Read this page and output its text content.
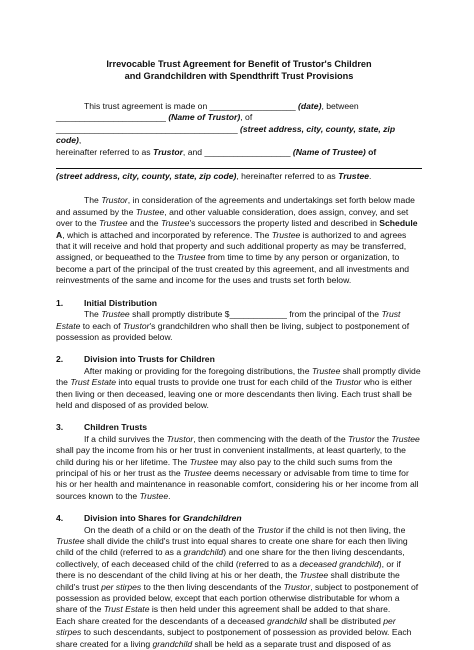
Irrevocable Trust Agreement for Benefit of Trustor's Children
and Grandchildren with Spendthrift Trust Provisions

This trust agreement is made on __________________ (date), between

_______________________ (Name of Trustor), of

______________________________________ (street address, city, county, state, zip code),

hereinafter referred to as Trustor, and __________________ (Name of Trustee) of

(street address, city, county, state, zip code), hereinafter referred to as Trustee.

The Trustor, in consideration of the agreements and undertakings set forth below made and assumed by the Trustee, and other valuable consideration, does assign, convey, and set over to the Trustee and the Trustee's successors the property listed and described in Schedule A, which is attached and incorporated by reference. The Trustee is authorized to and agrees that it will receive and hold that property and such additional property as may be transferred, assigned, or bequeathed to the Trustee from time to time by any person or organization, to become a part of the principal of the trust created by this agreement, and all investments and reinvestments of the same and income for the uses and trusts set forth below.

1.	Initial Distribution

The Trustee shall promptly distribute $____________ from the principal of the Trust Estate to each of Trustor's grandchildren who shall then be living, subject to postponement of possession as provided below.

2.	Division into Trusts for Children

After making or providing for the foregoing distributions, the Trustee shall promptly divide the Trust Estate into equal trusts to provide one trust for each child of the Trustor who is either then living or then deceased, leaving one or more descendants then living. Each trust shall be held and disposed of as provided below.

3.	Children Trusts

If a child survives the Trustor, then commencing with the death of the Trustor the Trustee shall pay the income from his or her trust in convenient installments, at least quarterly, to the child during his or her lifetime. The Trustee may also pay to the child such sums from the principal of his or her trust as the Trustee deems necessary or advisable from time to time for his or her health and maintenance in reasonable comfort, considering his or her income from all sources known to the Trustee.

4.	Division into Shares for Grandchildren

On the death of a child or on the death of the Trustor if the child is not then living, the Trustee shall divide the child's trust into equal shares to create one share for each then living child of the child (referred to as a grandchild) and one share for the then living descendants, collectively, of each deceased child of the child (referred to as a deceased grandchild), or if there is no descendant of the child living at his or her death, the Trustee shall distribute the child's trust per stirpes to the then living descendants of the Trustor, subject to postponement of possession as provided below, except that each portion otherwise distributable for whom a share of the Trust Estate is then held under this agreement shall be added to that share.

Each share created for the descendants of a deceased grandchild shall be distributed per stirpes to such descendants, subject to postponement of possession as provided below. Each share created for a living grandchild shall be held as a separate trust and disposed of as
